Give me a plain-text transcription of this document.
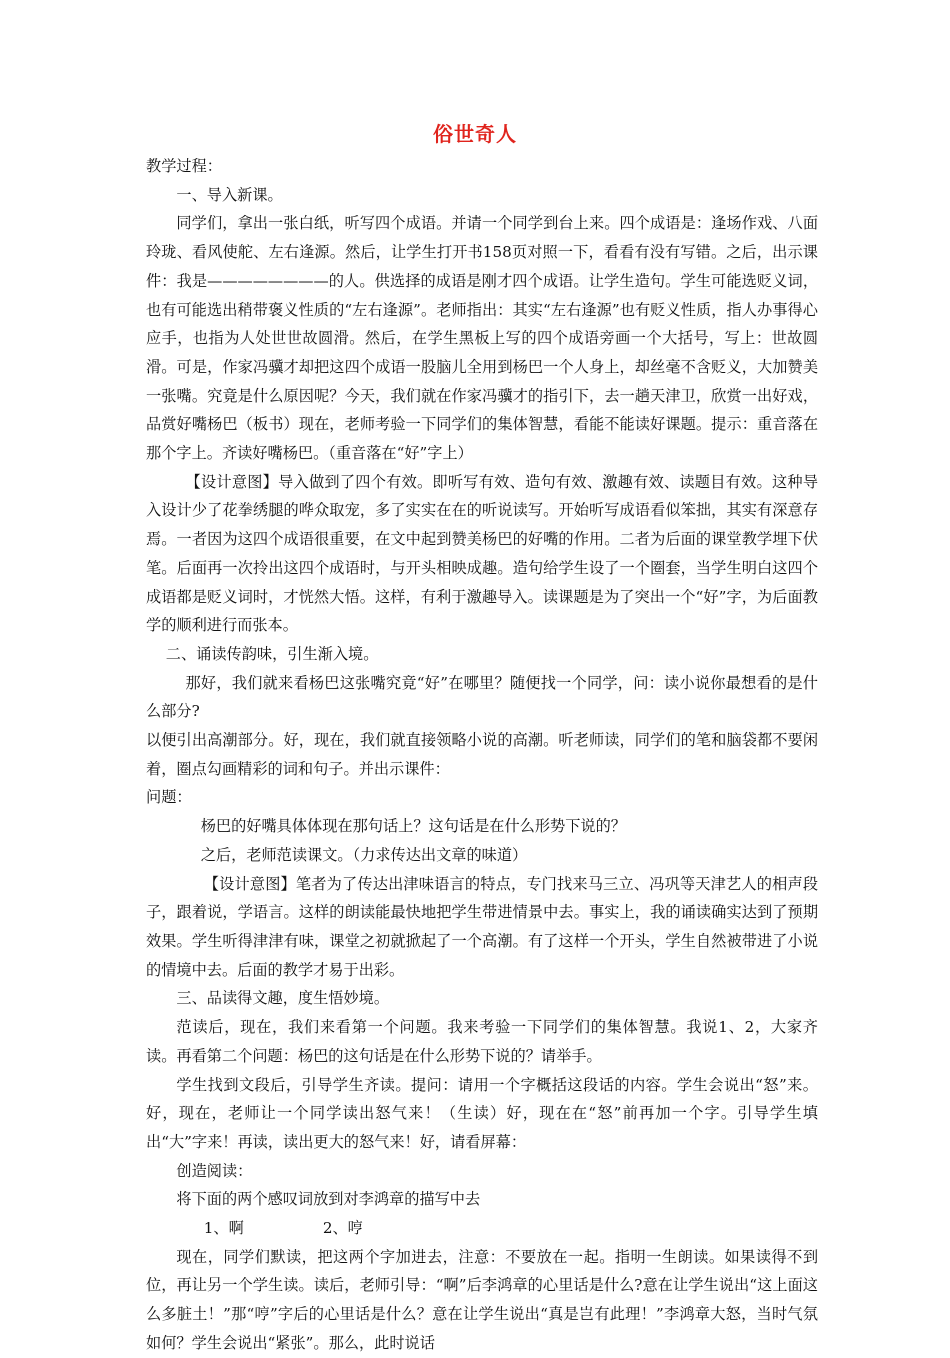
俗世奇人

教学过程：

一、导入新课。

同学们，拿出一张白纸，听写四个成语。并请一个同学到台上来。四个成语是：逢场作戏、八面玲珑、看风使舵、左右逢源。然后，让学生打开书158页对照一下，看看有没有写错。之后，出示课件：我是————————的人。供选择的成语是刚才四个成语。让学生造句。学生可能选贬义词，也有可能选出稍带褒义性质的“左右逢源”。老师指出：其实“左右逢源”也有贬义性质，指人办事得心应手，也指为人处世世故圆滑。然后，在学生黑板上写的四个成语旁画一个大括号，写上：世故圆滑。可是，作家冯骥才却把这四个成语一股脑儿全用到杨巴一个人身上，却丝毫不含贬义，大加赞美一张嘴。究竟是什么原因呢？今天，我们就在作家冯骥才的指引下，去一趟天津卫，欣赏一出好戏，品赏好嘴杨巴（板书）现在，老师考验一下同学们的集体智慧，看能不能读好课题。提示：重音落在那个字上。齐读好嘴杨巴。（重音落在“好”字上）

【设计意图】导入做到了四个有效。即听写有效、造句有效、激趣有效、读题目有效。这种导入设计少了花拳绣腿的哗众取宠，多了实实在在的听说读写。开始听写成语看似笨拙，其实有深意存焉。一者因为这四个成语很重要，在文中起到赞美杨巴的好嘴的作用。二者为后面的课堂教学埋下伏笔。后面再一次拎出这四个成语时，与开头相映成趣。造句给学生设了一个圈套，当学生明白这四个成语都是贬义词时，才恍然大悟。这样，有利于激趣导入。读课题是为了突出一个“好”字，为后面教学的顺利进行而张本。

二、诵读传韵味，引生渐入境。

那好，我们就来看杨巴这张嘴究竟“好”在哪里？随便找一个同学，问：读小说你最想看的是什么部分?

以便引出高潮部分。好，现在，我们就直接领略小说的高潮。听老师读，同学们的笔和脑袋都不要闲着，圈点勾画精彩的词和句子。并出示课件：

问题：

杨巴的好嘴具体体现在那句话上？这句话是在什么形势下说的？

之后，老师范读课文。（力求传达出文章的味道）

【设计意图】笔者为了传达出津味语言的特点，专门找来马三立、冯巩等天津艺人的相声段子，跟着说，学语言。这样的朗读能最快地把学生带进情景中去。事实上，我的诵读确实达到了预期效果。学生听得津津有味，课堂之初就掀起了一个高潮。有了这样一个开头，学生自然被带进了小说的情境中去。后面的教学才易于出彩。

三、品读得文趣，度生悟妙境。

范读后，现在，我们来看第一个问题。我来考验一下同学们的集体智慧。我说1、2，大家齐读。再看第二个问题：杨巴的这句话是在什么形势下说的？请举手。

学生找到文段后，引导学生齐读。提问：请用一个字概括这段话的内容。学生会说出“怒”来。好，现在，老师让一个同学读出怒气来！（生读）好，现在在“怒”前再加一个字。引导学生填出“大”字来！再读，读出更大的怒气来！好，请看屏幕：

创造阅读：

将下面的两个感叹词放到对李鸿章的描写中去

1、啊	2、哼

现在，同学们默读，把这两个字加进去，注意：不要放在一起。指明一生朗读。如果读得不到位，再让另一个学生读。读后，老师引导：“啊”后李鸿章的心里话是什么?意在让学生说出“这上面这么多脏土！”那“哼”字后的心里话是什么？意在让学生说出“真是岂有此理！”李鸿章大怒，当时气氛如何？学生会说出“紧张”。那么，此时说话
